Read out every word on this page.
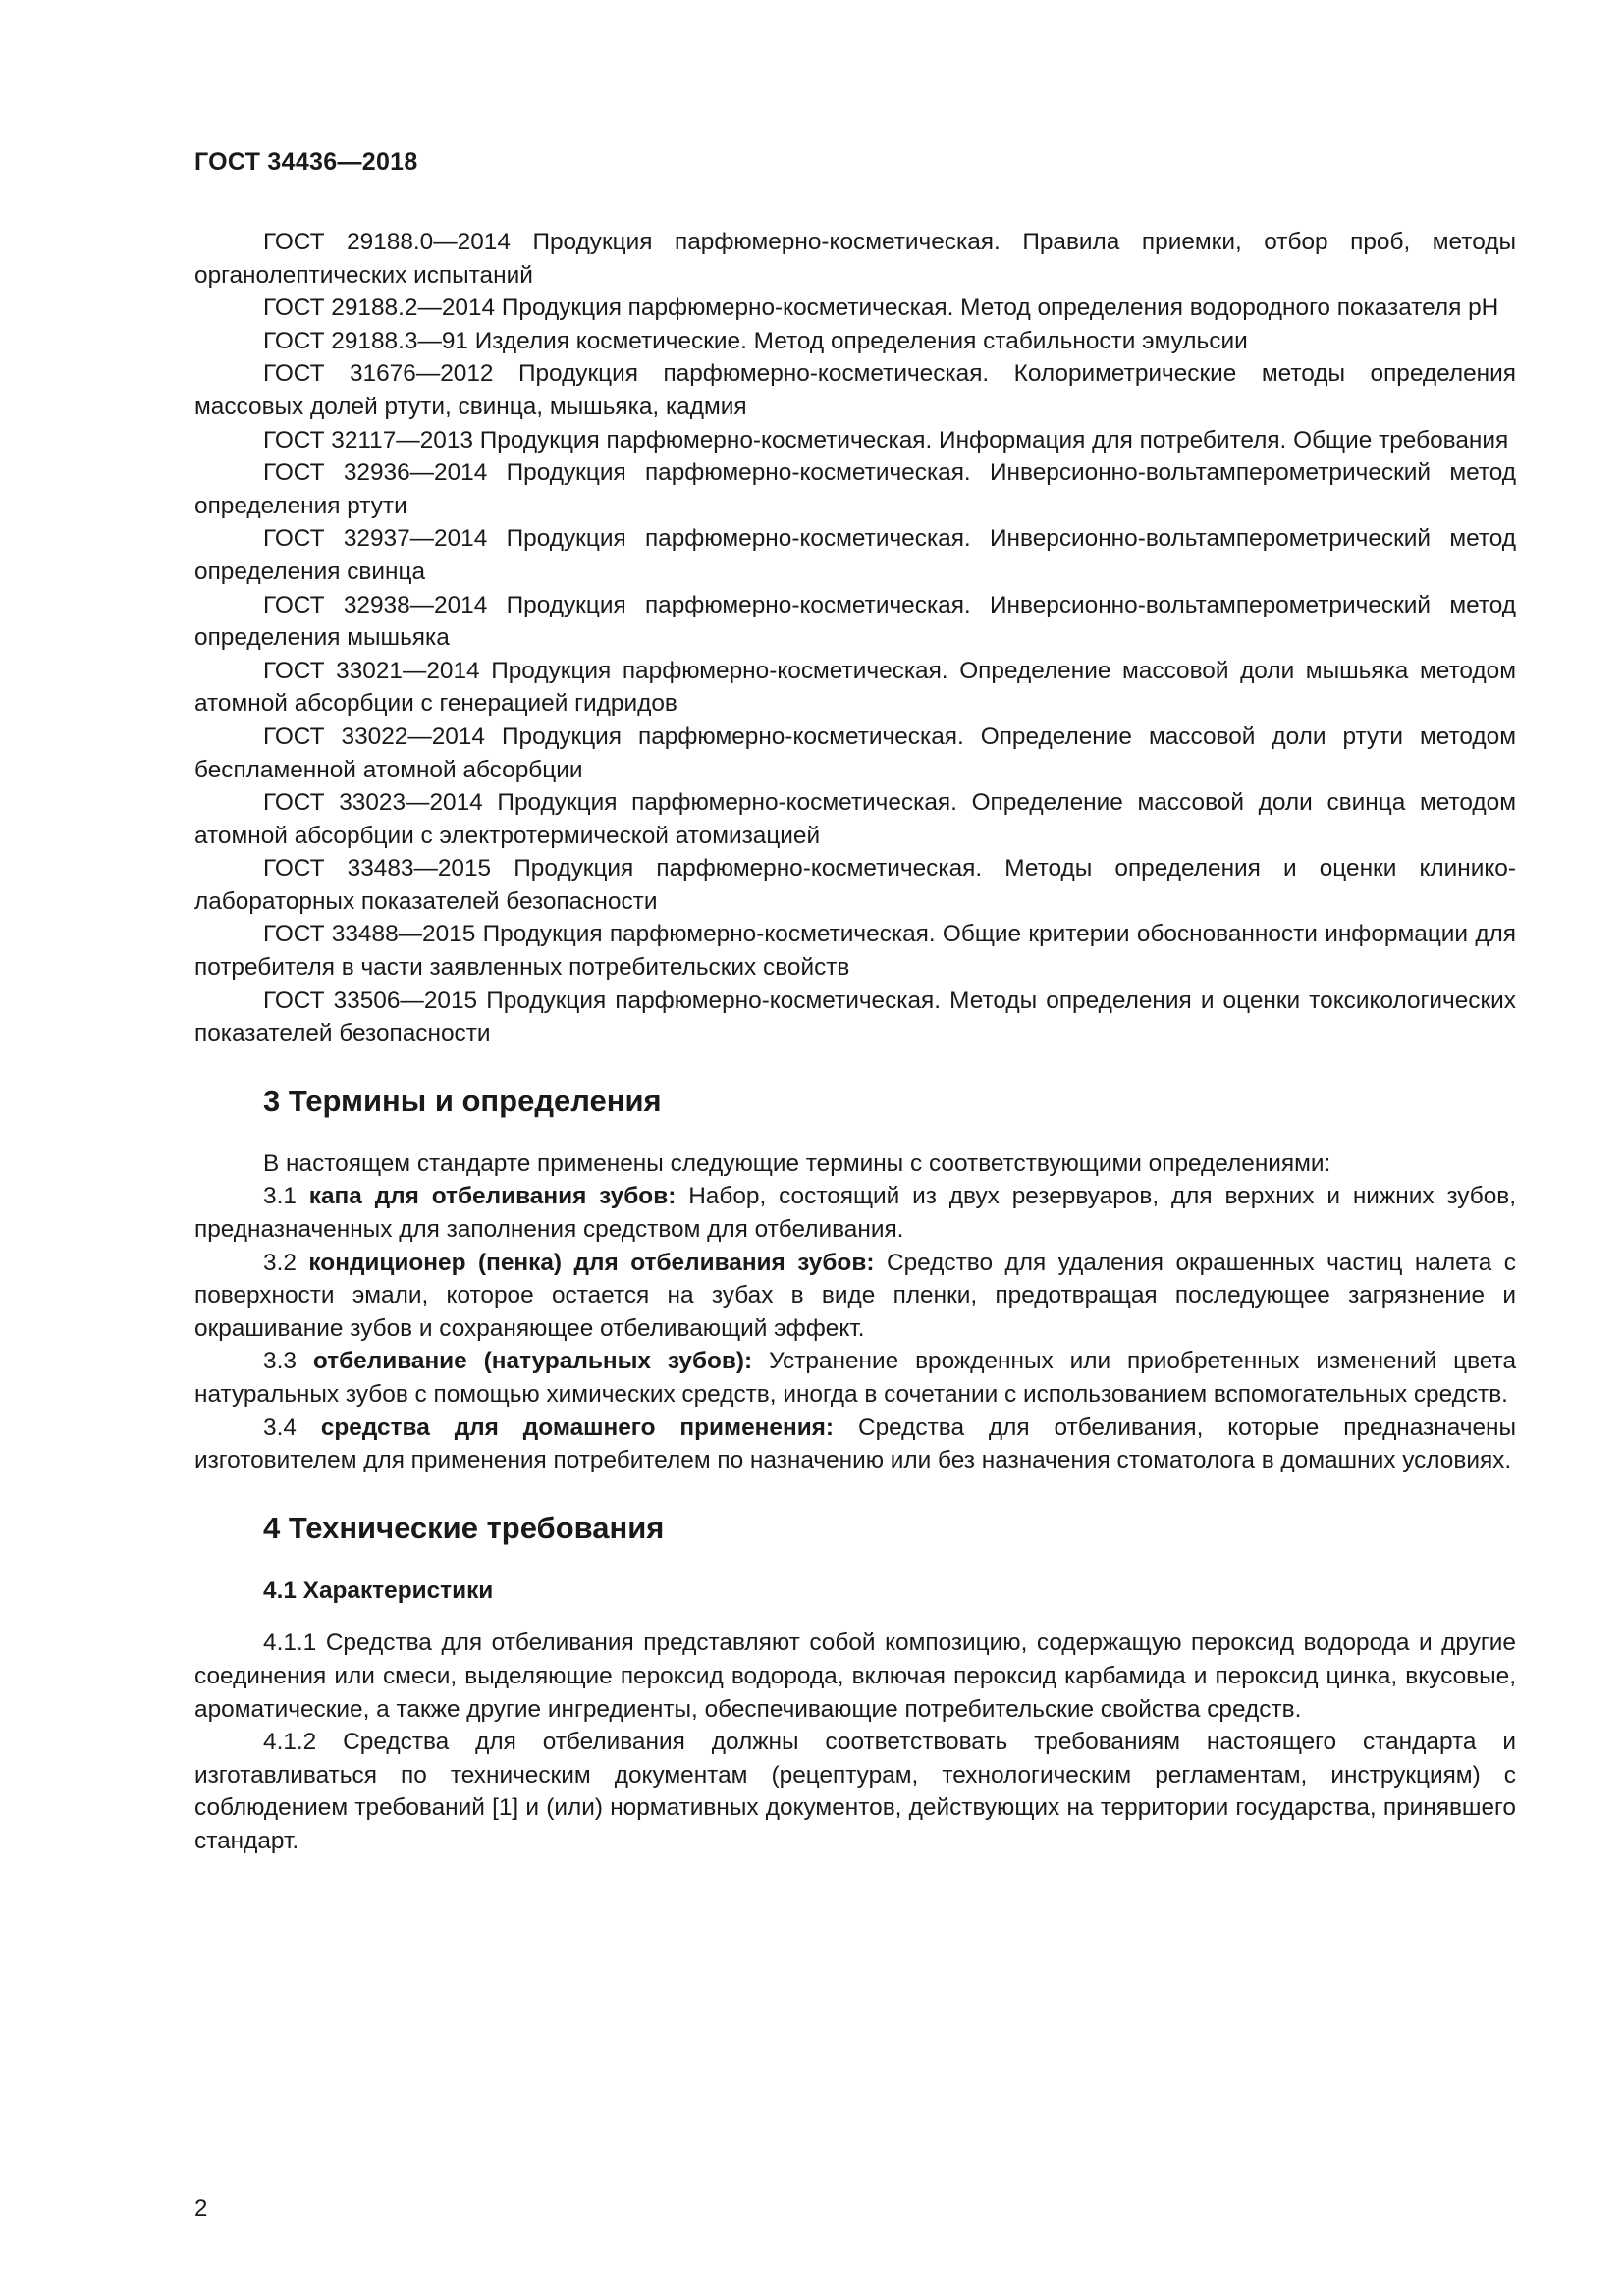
ГОСТ 34436—2018

ГОСТ 29188.0—2014 Продукция парфюмерно-косметическая. Правила приемки, отбор проб, методы органолептических испытаний

ГОСТ 29188.2—2014 Продукция парфюмерно-косметическая. Метод определения водородного показателя pH

ГОСТ 29188.3—91 Изделия косметические. Метод определения стабильности эмульсии

ГОСТ 31676—2012 Продукция парфюмерно-косметическая. Колориметрические методы определения массовых долей ртути, свинца, мышьяка, кадмия

ГОСТ 32117—2013 Продукция парфюмерно-косметическая. Информация для потребителя. Общие требования

ГОСТ 32936—2014 Продукция парфюмерно-косметическая. Инверсионно-вольтамперометрический метод определения ртути

ГОСТ 32937—2014 Продукция парфюмерно-косметическая. Инверсионно-вольтамперометрический метод определения свинца

ГОСТ 32938—2014 Продукция парфюмерно-косметическая. Инверсионно-вольтамперометрический метод определения мышьяка

ГОСТ 33021—2014 Продукция парфюмерно-косметическая. Определение массовой доли мышьяка методом атомной абсорбции с генерацией гидридов

ГОСТ 33022—2014 Продукция парфюмерно-косметическая. Определение массовой доли ртути методом беспламенной атомной абсорбции

ГОСТ 33023—2014 Продукция парфюмерно-косметическая. Определение массовой доли свинца методом атомной абсорбции с электротермической атомизацией

ГОСТ 33483—2015 Продукция парфюмерно-косметическая. Методы определения и оценки клинико-лабораторных показателей безопасности

ГОСТ 33488—2015 Продукция парфюмерно-косметическая. Общие критерии обоснованности информации для потребителя в части заявленных потребительских свойств

ГОСТ 33506—2015 Продукция парфюмерно-косметическая. Методы определения и оценки токсикологических показателей безопасности

3 Термины и определения

В настоящем стандарте применены следующие термины с соответствующими определениями:

3.1 капа для отбеливания зубов: Набор, состоящий из двух резервуаров, для верхних и нижних зубов, предназначенных для заполнения средством для отбеливания.

3.2 кондиционер (пенка) для отбеливания зубов: Средство для удаления окрашенных частиц налета с поверхности эмали, которое остается на зубах в виде пленки, предотвращая последующее загрязнение и окрашивание зубов и сохраняющее отбеливающий эффект.

3.3 отбеливание (натуральных зубов): Устранение врожденных или приобретенных изменений цвета натуральных зубов с помощью химических средств, иногда в сочетании с использованием вспомогательных средств.

3.4 средства для домашнего применения: Средства для отбеливания, которые предназначены изготовителем для применения потребителем по назначению или без назначения стоматолога в домашних условиях.

4 Технические требования
4.1 Характеристики

4.1.1 Средства для отбеливания представляют собой композицию, содержащую пероксид водорода и другие соединения или смеси, выделяющие пероксид водорода, включая пероксид карбамида и пероксид цинка, вкусовые, ароматические, а также другие ингредиенты, обеспечивающие потребительские свойства средств.

4.1.2 Средства для отбеливания должны соответствовать требованиям настоящего стандарта и изготавливаться по техническим документам (рецептурам, технологическим регламентам, инструкциям) с соблюдением требований [1] и (или) нормативных документов, действующих на территории государства, принявшего стандарт.

2
